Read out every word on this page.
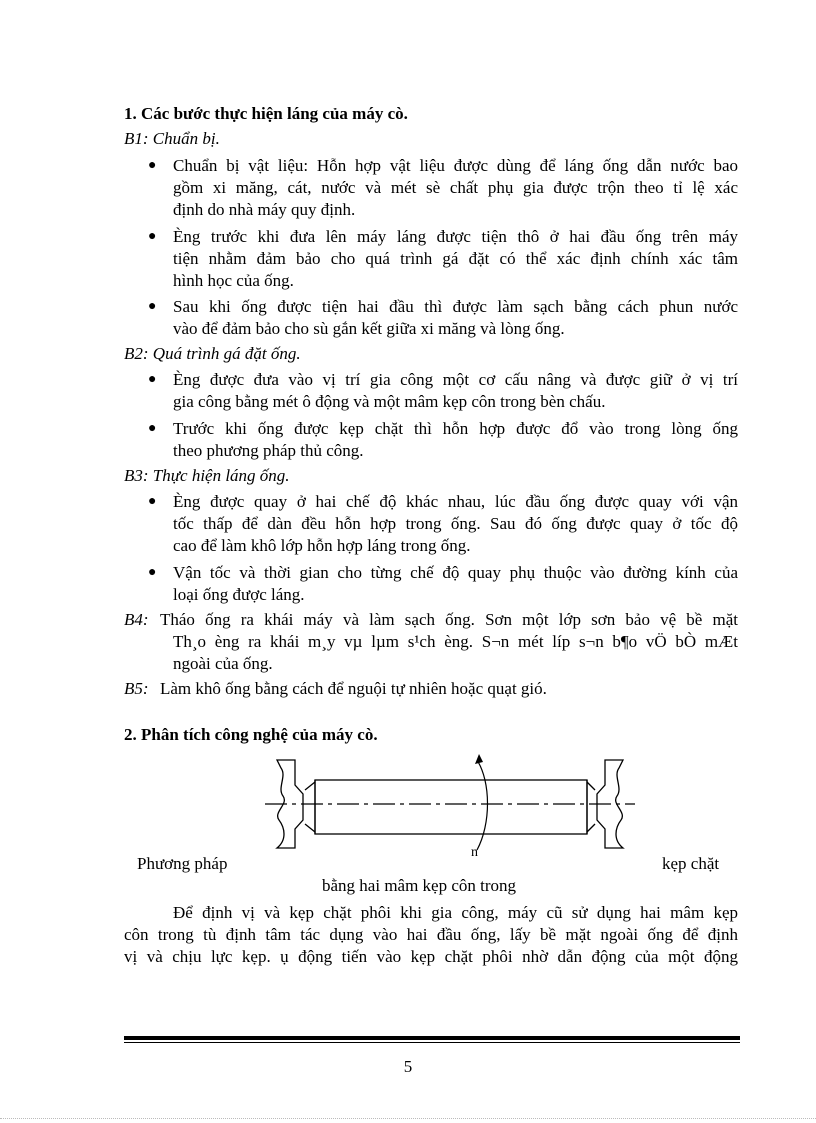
1. Các bước thực hiện láng của máy cò.
B1: Chuẩn bị.
● Chuẩn bị vật liệu: Hỗn hợp vật liệu được dùng để láng ống dẫn nước bao
gồm xi măng, cát, nước và mét sè chất phụ gia được trộn theo tỉ lệ xác
định do nhà máy quy định.
● Èng trước khi đưa lên máy láng được tiện thô ở hai đầu ống trên máy
tiện nhằm đảm bảo cho quá trình gá đặt có thể xác định chính xác tâm
hình học của ống.
● Sau khi ống được tiện hai đầu thì được làm sạch bằng cách phun nước
vào để đảm bảo cho sù gắn kết giữa xi măng và lòng ống.
B2: Quá trình gá đặt ống.
● Èng được đưa vào vị trí gia công một cơ cấu nâng và được giữ ở vị trí
gia công bằng mét ô động và một mâm kẹp côn trong bèn chấu.
● Trước khi ống được kẹp chặt thì hỗn hợp được đổ vào trong lòng ống
theo phương pháp thủ công.
B3: Thực hiện láng ống.
● Èng được quay ở hai chế độ khác nhau, lúc đầu ống được quay với vận
tốc thấp để dàn đều hỗn hợp trong ống. Sau đó ống được quay ở tốc độ
cao để làm khô lớp hỗn hợp láng trong ống.
● Vận tốc và thời gian cho từng chế độ quay phụ thuộc vào đường kính của
loại ống được láng.
B4: Tháo ống ra khái máy và làm sạch ống. Sơn một lớp sơn bảo vệ bề mặt
Th¸o èng ra khái m¸y vµ lµm s¹ch èng. S¬n mét líp s¬n b¶o vÖ bÒ mÆt
ngoài của ống.
B5: Làm khô ống bằng cách để nguội tự nhiên hoặc quạt gió.
2. Phân tích công nghệ của máy cò.
n
Phương pháp	kẹp chặt
bằng hai mâm kẹp côn trong
Để định vị và kẹp chặt phôi khi gia công, máy cũ sử dụng hai mâm kẹp
côn trong tù định tâm tác dụng vào hai đầu ống, lấy bề mặt ngoài ống để định
vị và chịu lực kẹp. ụ động tiến vào kẹp chặt phôi nhờ dẫn động của một động
5
